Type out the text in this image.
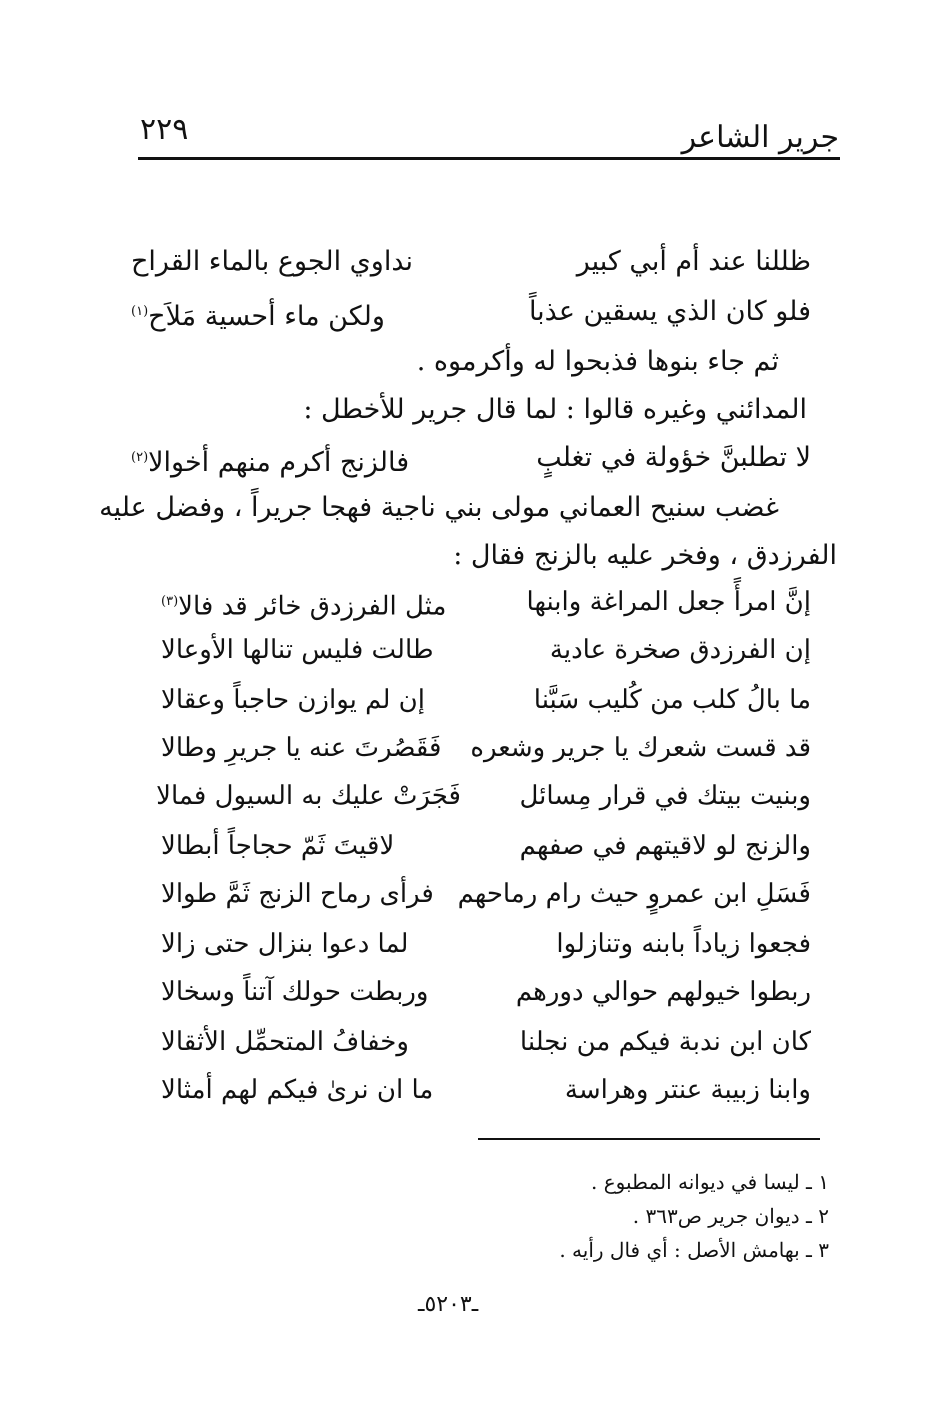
٢٢٩	جرير الشاعر
ظللنا عند أم أبي كبير
نداوي الجوع بالماء القراح
فلو كان الذي يسقين عذباً
ولكن ماء أحسية مَلاَح$^{(١)}$
ثم جاء بنوها فذبحوا له وأكرموه .
المدائني وغيره قالوا : لما قال جرير للأخطل :
لا تطلبنَّ خؤولة في تغلبٍ
فالزنج أكرم منهم أخوالا$^{(٢)}$
غضب سنيح العماني مولى بني ناجية فهجا جريراً ، وفضل عليه
الفرزدق ، وفخر عليه بالزنج فقال :
إنَّ امرأً جعل المراغة وابنها
مثل الفرزدق خائر قد فالا$^{(٣)}$
إن الفرزدق صخرة عادية
طالت فليس تنالها الأوعالا
ما بالُ كلب من كُليب سَبَّنا
إن لم يوازن حاجباً وعقالا
قد قست شعرك يا جرير وشعره
فَقَصُرتَ عنه يا جريرِ وطالا
وبنيت بيتك في قرار مِسائل
فَجَرَتْ عليك به السيول فمالا
والزنج لو لاقيتهم في صفهم
لاقيتَ ثَمّ حجاجاً أبطالا
فَسَلِ ابن عمروٍ حيث رام رماحهم
فرأى رماح الزنج ثَمَّ طوالا
فجعوا زياداً بابنه وتنازلوا
لما دعوا بنزال حتى زالا
ربطوا خيولهم حوالي دورهم
وربطت حولك آتناً وسخالا
كان ابن ندبة فيكم من نجلنا
وخفافُ المتحمِّل الأثقالا
وابنا زبيبة عنتر وهراسة
ما ان نرىٰ فيكم لهم أمثالا
١ ـ ليسا في ديوانه المطبوع .
٢ ـ ديوان جرير ص٣٦٣ .
٣ ـ بهامش الأصل : أي فال رأيه .
ـ٥٢٠٣ـ
